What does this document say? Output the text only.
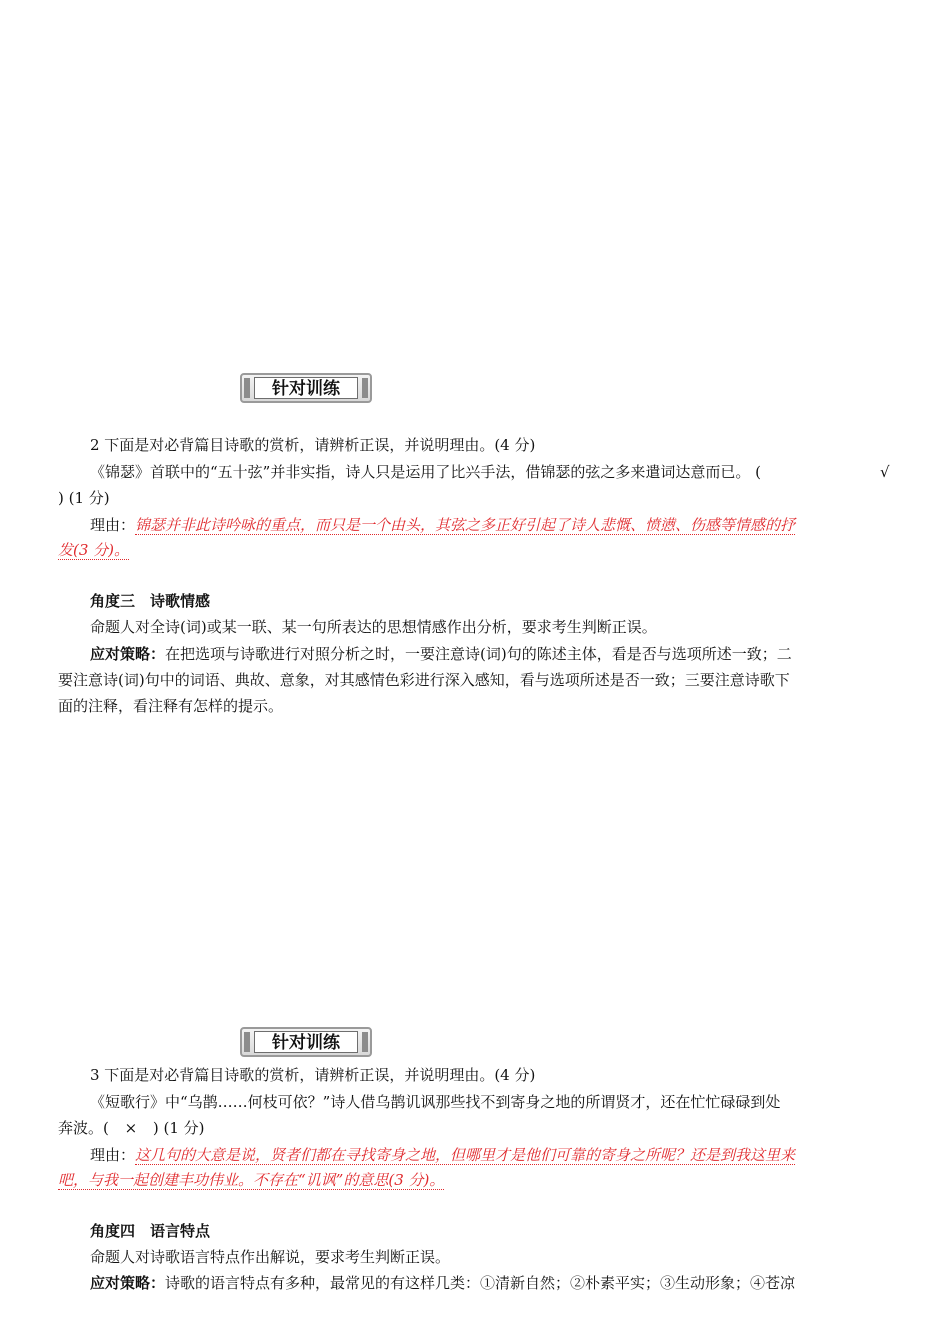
针对训练
2 下面是对必背篇目诗歌的赏析，请辨析正误，并说明理由。(4 分)
《锦瑟》首联中的“五十弦”并非实指，诗人只是运用了比兴手法，借锦瑟的弦之多来遣词达意而已。 (	√
) (1 分)
理由：锦瑟并非此诗吟咏的重点，而只是一个由头，其弦之多正好引起了诗人悲慨、愤懑、伤感等情感的抒
发(3 分)。
角度三　诗歌情感
命题人对全诗(词)或某一联、某一句所表达的思想情感作出分析，要求考生判断正误。
应对策略：在把选项与诗歌进行对照分析之时，一要注意诗(词)句的陈述主体，看是否与选项所述一致；二
要注意诗(词)句中的词语、典故、意象，对其感情色彩进行深入感知，看与选项所述是否一致；三要注意诗歌下
面的注释，看注释有怎样的提示。
针对训练
3 下面是对必背篇目诗歌的赏析，请辨析正误，并说明理由。(4 分)
《短歌行》中“乌鹊……何枝可依？”诗人借乌鹊讥讽那些找不到寄身之地的所谓贤才，还在忙忙碌碌到处
奔波。( × ) (1 分)
理由：这几句的大意是说，贤者们都在寻找寄身之地，但哪里才是他们可靠的寄身之所呢？还是到我这里来
吧，与我一起创建丰功伟业。不存在“讥讽”的意思(3 分)。
角度四　语言特点
命题人对诗歌语言特点作出解说，要求考生判断正误。
应对策略：诗歌的语言特点有多种，最常见的有这样几类：①清新自然；②朴素平实；③生动形象；④苍凉
